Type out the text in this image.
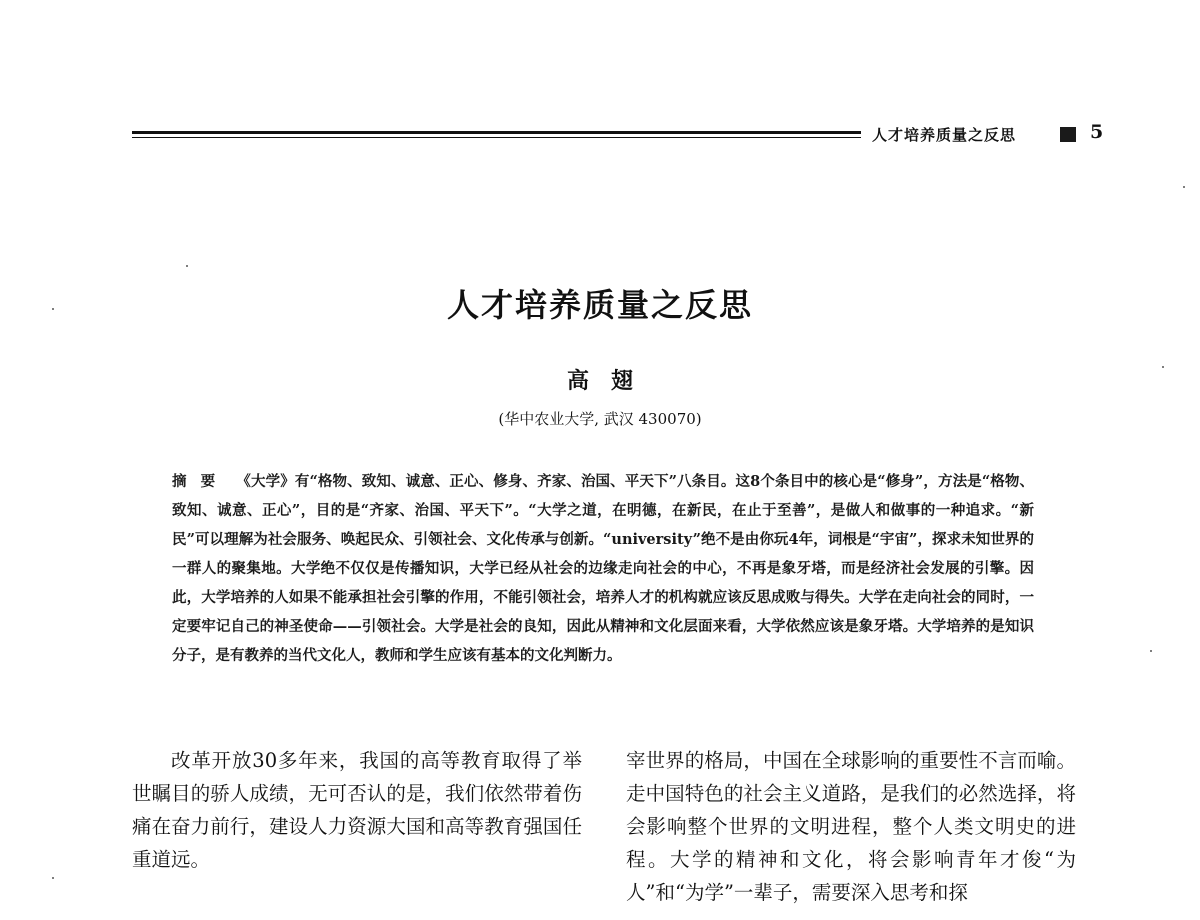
人才培养质量之反思	5
人才培养质量之反思
高翅
(华中农业大学, 武汉 430070)
摘要 《大学》有“格物、致知、诚意、正心、修身、齐家、治国、平天下”八条目。这8个条目中的核心是“修身”，方法是“格物、致知、诚意、正心”，目的是“齐家、治国、平天下”。“大学之道，在明德，在新民，在止于至善”，是做人和做事的一种追求。“新民”可以理解为社会服务、唤起民众、引领社会、文化传承与创新。“university”绝不是由你玩4年，词根是“宇宙”，探求未知世界的一群人的聚集地。大学绝不仅仅是传播知识，大学已经从社会的边缘走向社会的中心，不再是象牙塔，而是经济社会发展的引擎。因此，大学培养的人如果不能承担社会引擎的作用，不能引领社会，培养人才的机构就应该反思成败与得失。大学在走向社会的同时，一定要牢记自己的神圣使命——引领社会。大学是社会的良知，因此从精神和文化层面来看，大学依然应该是象牙塔。大学培养的是知识分子，是有教养的当代文化人，教师和学生应该有基本的文化判断力。

改革开放30多年来，我国的高等教育取得了举世瞩目的骄人成绩，无可否认的是，我们依然带着伤痛在奋力前行，建设人力资源大国和高等教育强国任重道远。

宰世界的格局，中国在全球影响的重要性不言而喻。走中国特色的社会主义道路，是我们的必然选择，将会影响整个世界的文明进程，整个人类文明史的进程。大学的精神和文化，将会影响青年才俊“为人”和“为学”一辈子，需要深入思考和探
